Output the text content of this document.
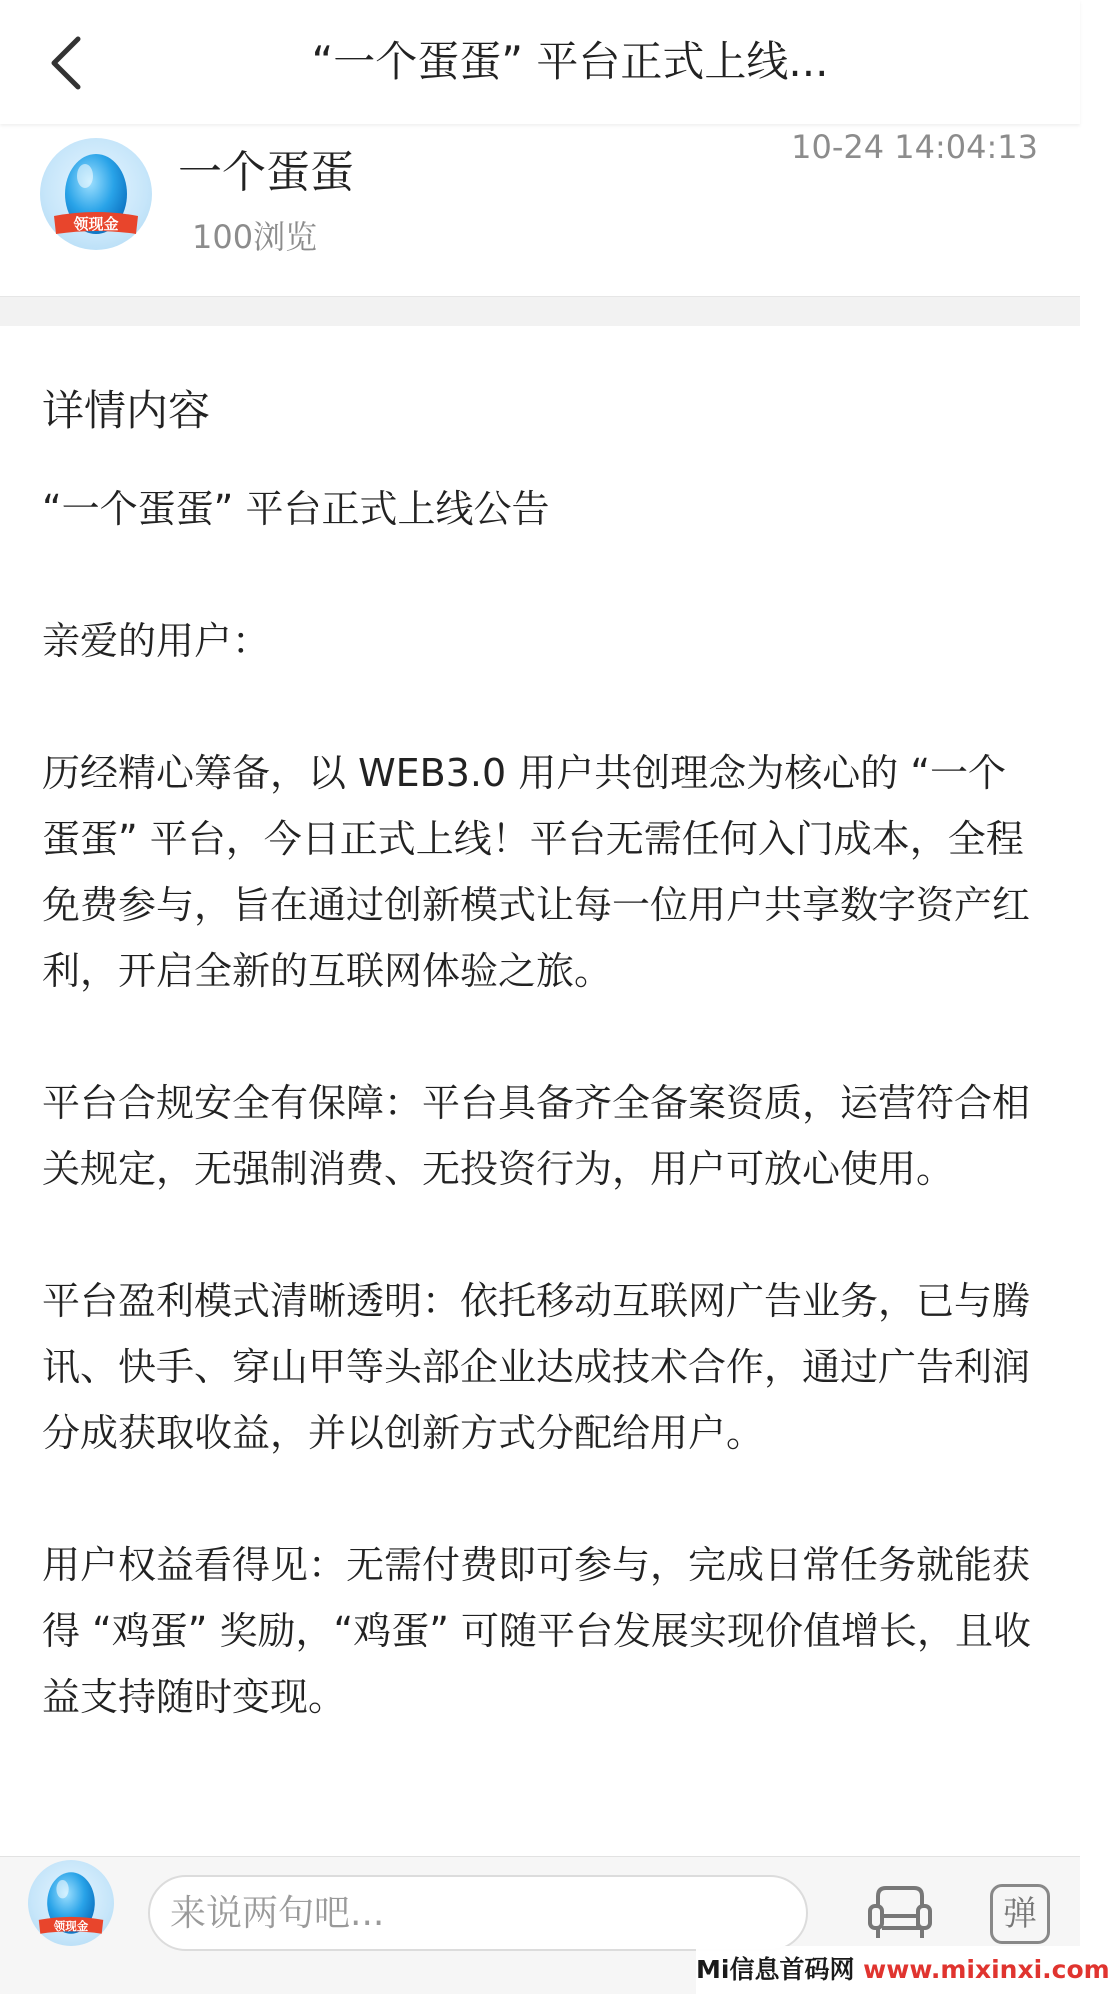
“一个蛋蛋” 平台正式上线...
领现金
一个蛋蛋	10-24 14:04:13
100浏览
详情内容

“一个蛋蛋” 平台正式上线公告

亲爱的用户：

历经精心筹备，以 WEB3.0 用户共创理念为核心的 “一个蛋蛋” 平台，今日正式上线！平台无需任何入门成本，全程免费参与，旨在通过创新模式让每一位用户共享数字资产红利，开启全新的互联网体验之旅。

平台合规安全有保障：平台具备齐全备案资质，运营符合相关规定，无强制消费、无投资行为，用户可放心使用。

平台盈利模式清晰透明：依托移动互联网广告业务，已与腾讯、快手、穿山甲等头部企业达成技术合作，通过广告利润分成获取收益，并以创新方式分配给用户。

用户权益看得见：无需付费即可参与，完成日常任务就能获得 “鸡蛋” 奖励，“鸡蛋” 可随平台发展实现价值增长，且收益支持随时变现。

领现金
来说两句吧...	弹
Mi信息首码网 www.mixinxi.com
